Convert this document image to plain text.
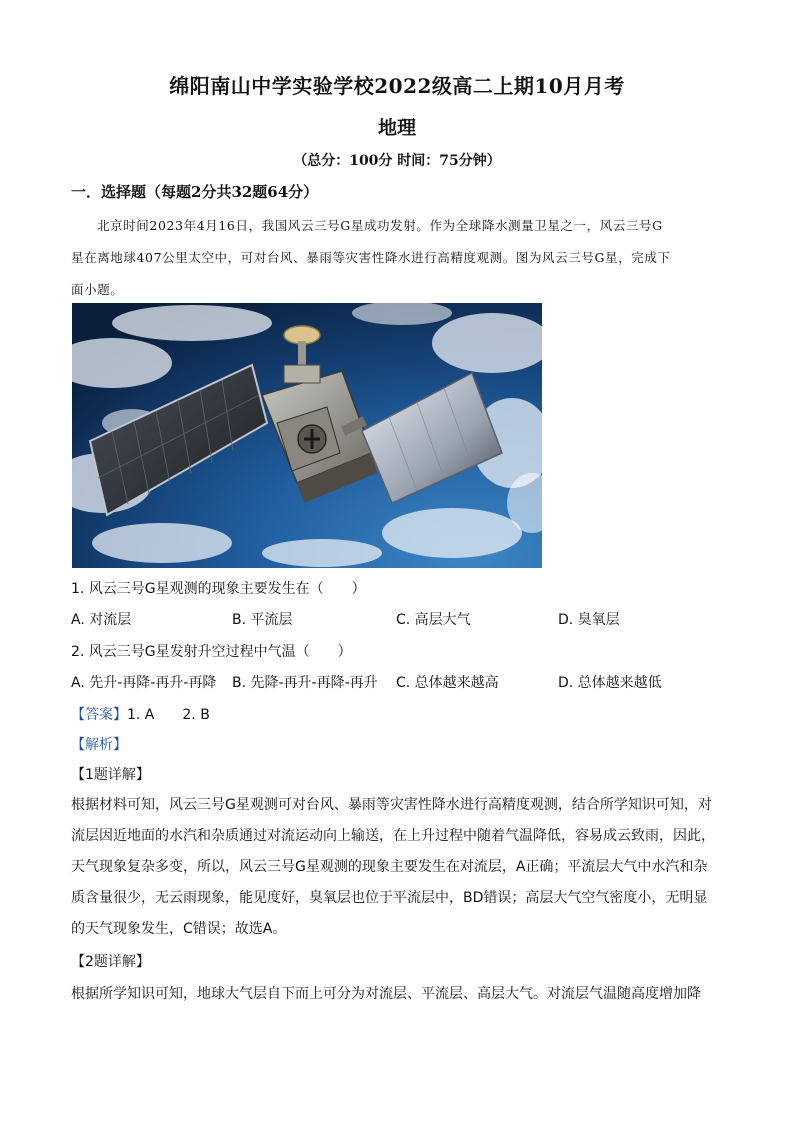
绵阳南山中学实验学校2022级高二上期10月月考
地理
（总分：100分 时间：75分钟）
一．选择题（每题2分共32题64分）

北京时间2023年4月16日，我国风云三号G星成功发射。作为全球降水测量卫星之一，风云三号G

星在离地球407公里太空中，可对台风、暴雨等灾害性降水进行高精度观测。图为风云三号G星，完成下

面小题。

1. 风云三号G星观测的现象主要发生在（　　）
A. 对流层	B. 平流层	C. 高层大气	D. 臭氧层
2. 风云三号G星发射升空过程中气温（　　）
A. 先升-再降-再升-再降 B. 先降-再升-再降-再升 C. 总体越来越高	D. 总体越来越低
【答案】1. A　　2. B
【解析】
【1题详解】

根据材料可知，风云三号G星观测可对台风、暴雨等灾害性降水进行高精度观测，结合所学知识可知，对

流层因近地面的水汽和杂质通过对流运动向上输送，在上升过程中随着气温降低，容易成云致雨，因此，

天气现象复杂多变，所以，风云三号G星观测的现象主要发生在对流层，A正确；平流层大气中水汽和杂

质含量很少，无云雨现象，能见度好，臭氧层也位于平流层中，BD错误；高层大气空气密度小，无明显

的天气现象发生，C错误；故选A。

【2题详解】

根据所学知识可知，地球大气层自下而上可分为对流层、平流层、高层大气。对流层气温随高度增加降
